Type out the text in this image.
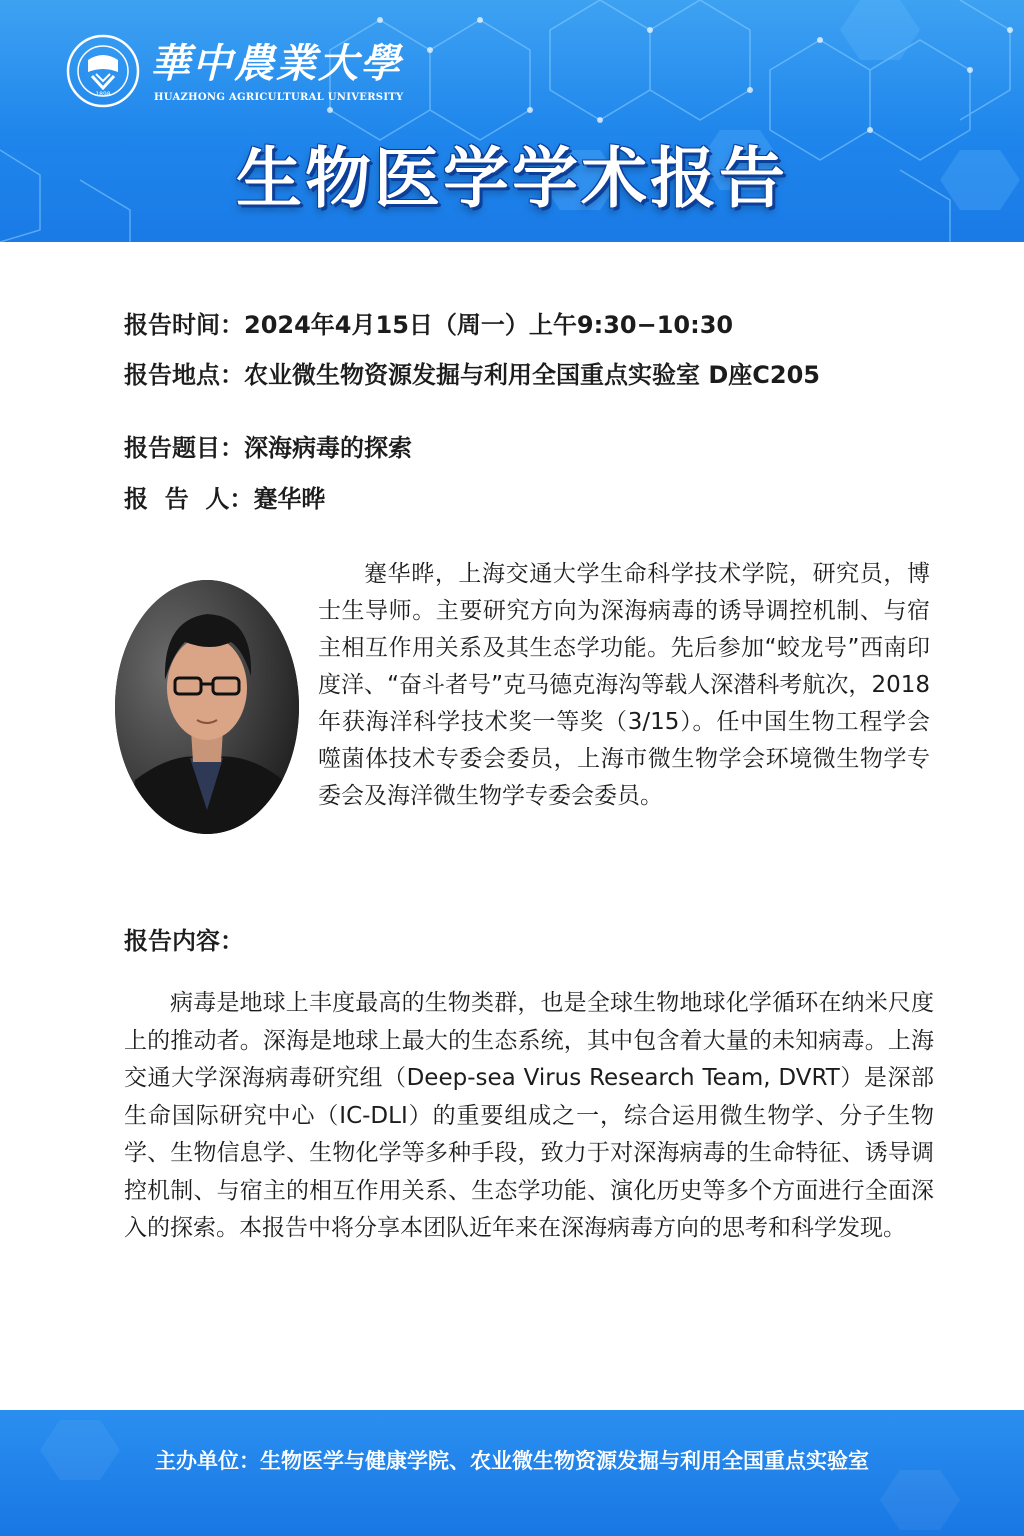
1898
華中農業大學
HUAZHONG AGRICULTURAL UNIVERSITY
生物医学学术报告
报告时间：2024年4月15日（周一）上午9:30−10:30
报告地点：农业微生物资源发掘与利用全国重点实验室 D座C205
报告题目：深海病毒的探索
报  告  人：蹇华晔

蹇华晔，上海交通大学生命科学技术学院，研究员，博士生导师。主要研究方向为深海病毒的诱导调控机制、与宿主相互作用关系及其生态学功能。先后参加“蛟龙号”西南印度洋、“奋斗者号”克马德克海沟等载人深潜科考航次，2018年获海洋科学技术奖一等奖（3/15）。任中国生物工程学会噬菌体技术专委会委员，上海市微生物学会环境微生物学专委会及海洋微生物学专委会委员。

报告内容：

病毒是地球上丰度最高的生物类群，也是全球生物地球化学循环在纳米尺度上的推动者。深海是地球上最大的生态系统，其中包含着大量的未知病毒。上海交通大学深海病毒研究组（Deep-sea Virus Research Team, DVRT）是深部生命国际研究中心（IC-DLI）的重要组成之一，综合运用微生物学、分子生物学、生物信息学、生物化学等多种手段，致力于对深海病毒的生命特征、诱导调控机制、与宿主的相互作用关系、生态学功能、演化历史等多个方面进行全面深入的探索。本报告中将分享本团队近年来在深海病毒方向的思考和科学发现。

主办单位：生物医学与健康学院、农业微生物资源发掘与利用全国重点实验室
